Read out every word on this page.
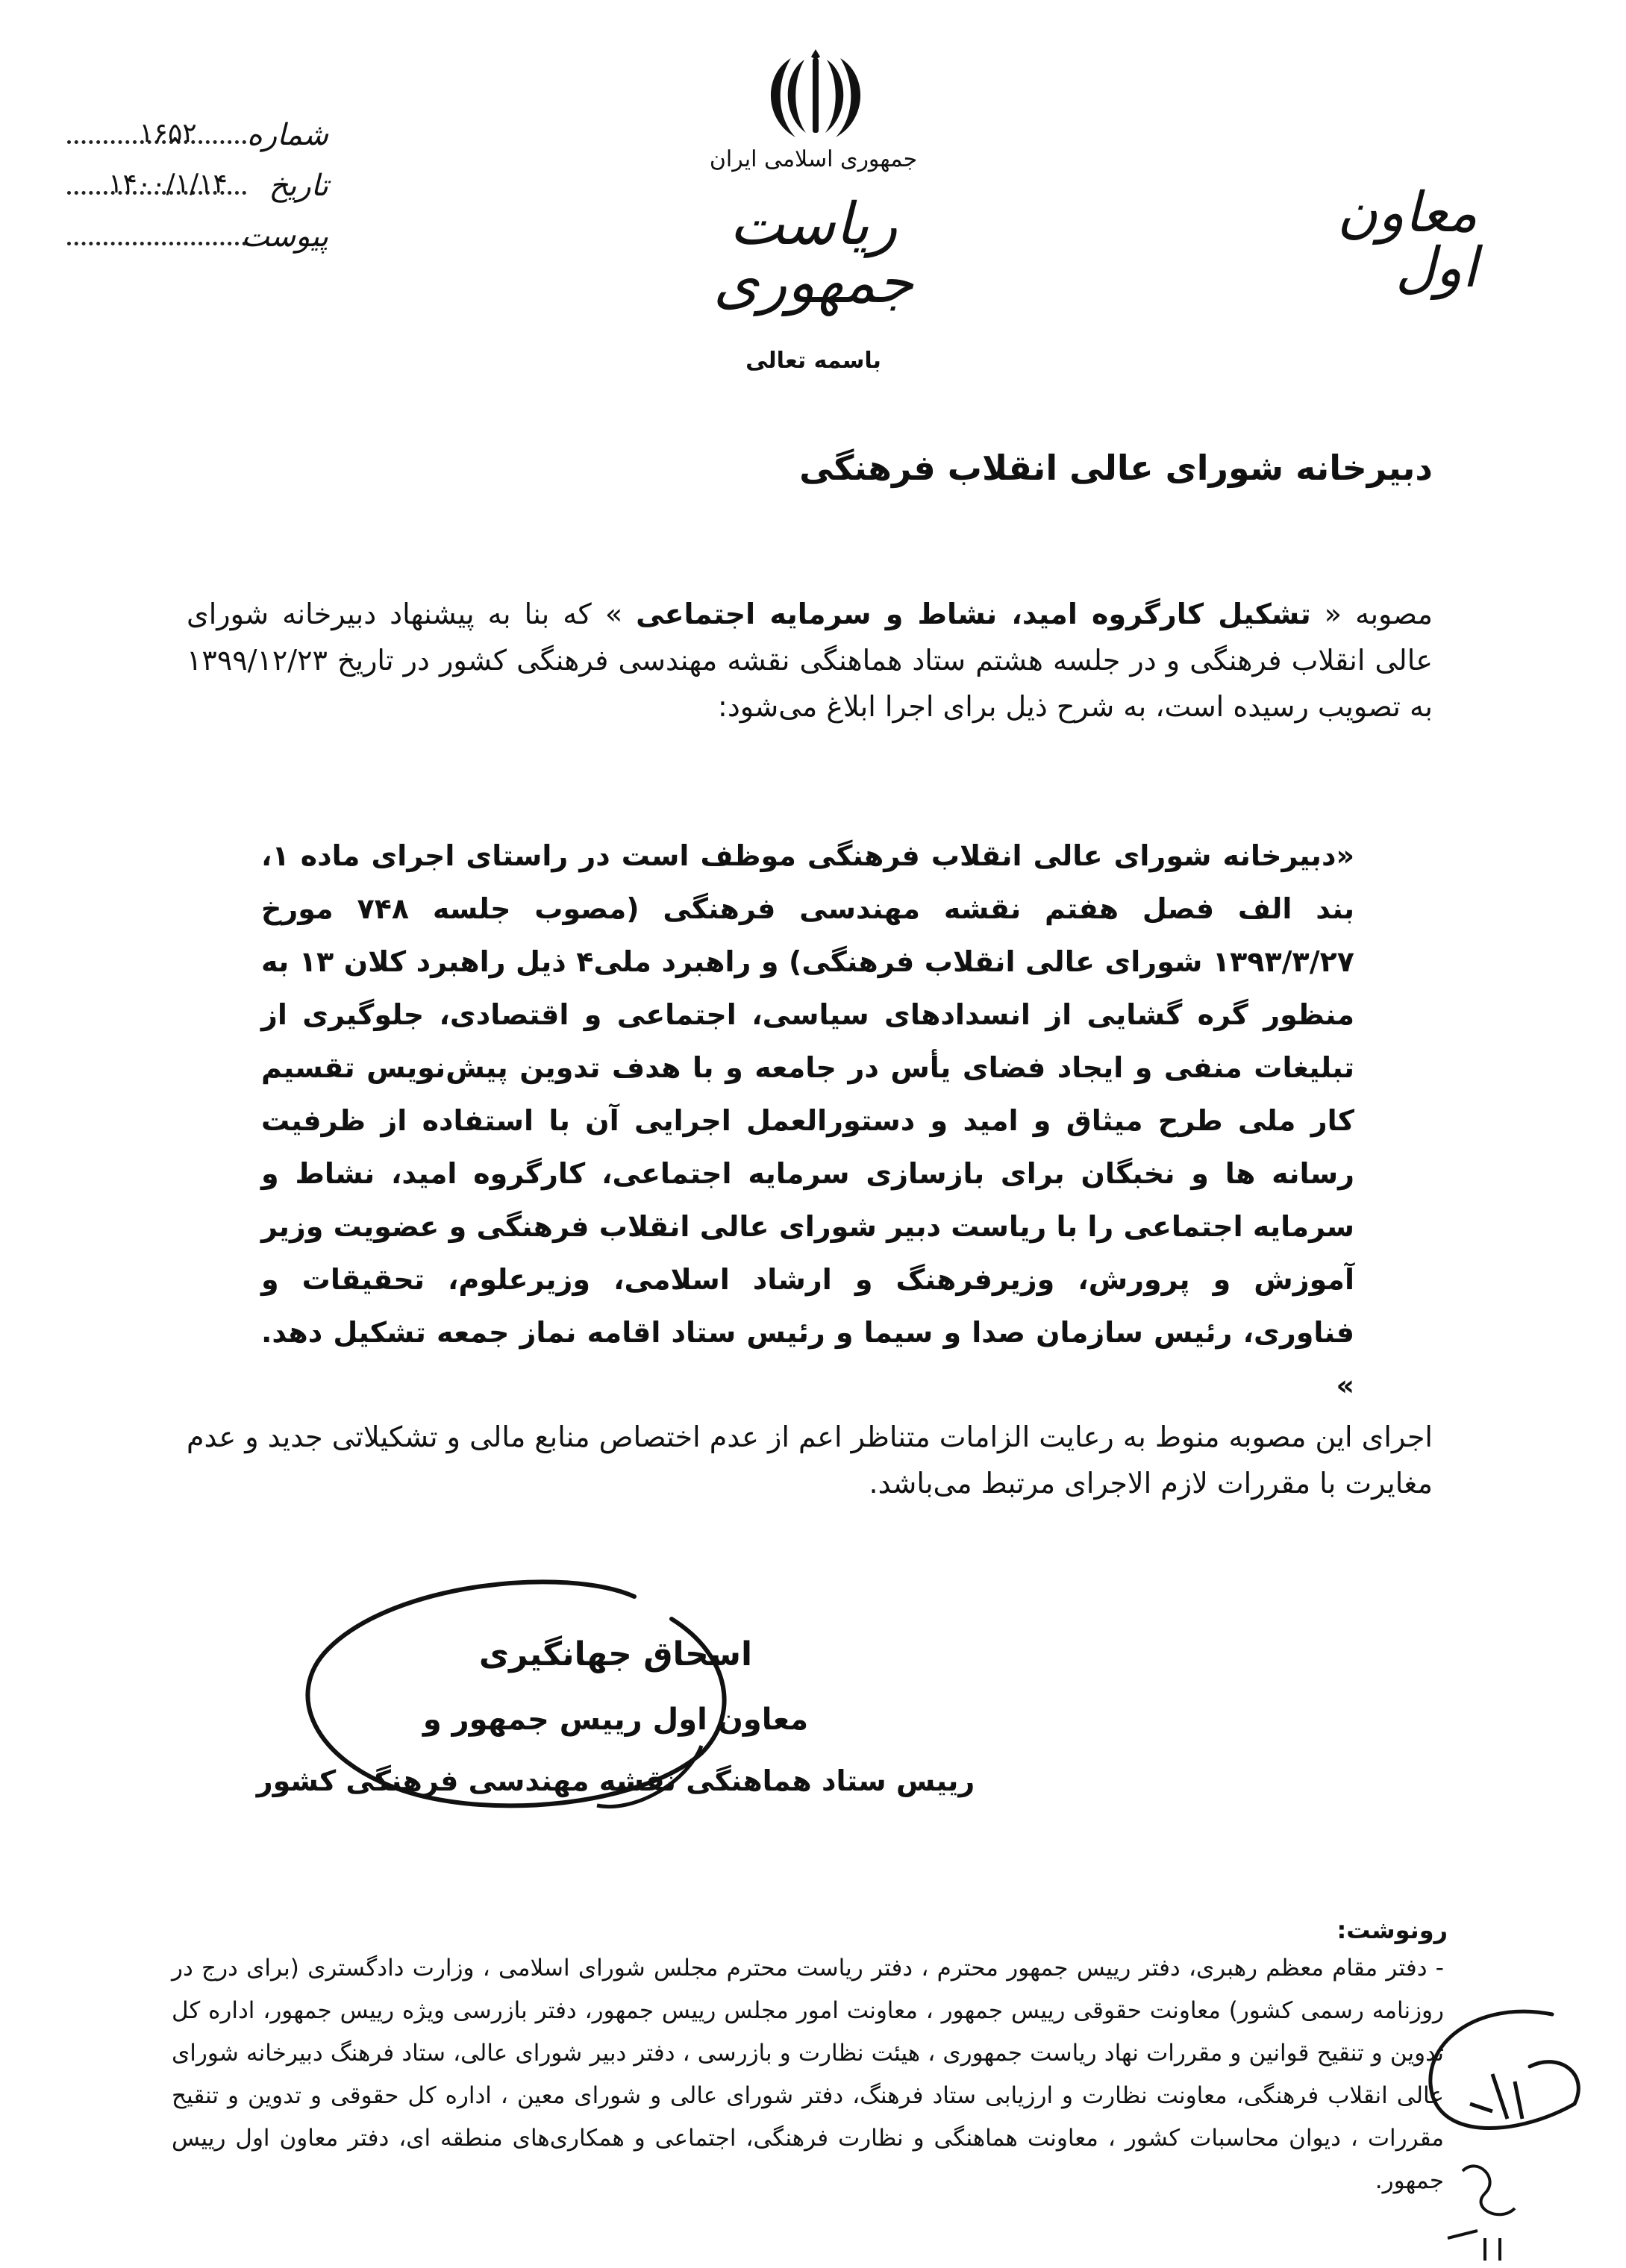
جمهوری اسلامی ایران
ریاست جمهوری
معاون اول
شماره
۱۶۵۲
تاریخ
۱۴۰۰/۱/۱۴
پیوست
باسمه تعالی
دبیرخانه شورای عالی انقلاب فرهنگی
مصوبه « تشکیل کارگروه امید، نشاط و سرمایه اجتماعی » که بنا به پیشنهاد دبیرخانه شورای عالی انقلاب فرهنگی و در جلسه هشتم ستاد هماهنگی نقشه مهندسی فرهنگی کشور در تاریخ ۱۳۹۹/۱۲/۲۳ به تصویب رسیده است، به شرح ذیل برای اجرا ابلاغ می‌شود:
«دبیرخانه شورای عالی انقلاب فرهنگی موظف است در راستای اجرای ماده ۱، بند الف فصل هفتم نقشه مهندسی فرهنگی (مصوب جلسه ۷۴۸ مورخ ۱۳۹۳/۳/۲۷ شورای عالی انقلاب فرهنگی) و راهبرد ملی۴ ذیل راهبرد کلان ۱۳ به منظور گره گشایی از انسدادهای سیاسی، اجتماعی و اقتصادی، جلوگیری از تبلیغات منفی و ایجاد فضای یأس در جامعه و با هدف تدوین پیش‌نویس تقسیم کار ملی طرح میثاق و امید و دستورالعمل اجرایی آن با استفاده از ظرفیت رسانه ها و نخبگان برای بازسازی سرمایه اجتماعی، کارگروه امید، نشاط و سرمایه اجتماعی را با ریاست دبیر شورای عالی انقلاب فرهنگی و عضویت وزیر آموزش و پرورش، وزیرفرهنگ و ارشاد اسلامی، وزیرعلوم، تحقیقات و فناوری، رئیس سازمان صدا و سیما و رئیس ستاد اقامه نماز جمعه تشکیل دهد. »
اجرای این مصوبه منوط به رعایت الزامات متناظر اعم از عدم اختصاص منابع مالی و تشکیلاتی جدید و عدم مغایرت با مقررات لازم الاجرای مرتبط می‌باشد.
اسحاق جهانگیری
معاون اول رییس جمهور و
رییس ستاد هماهنگی نقشه مهندسی فرهنگی کشور
رونوشت:
- دفتر مقام معظم رهبری، دفتر رییس جمهور محترم ، دفتر ریاست محترم مجلس شورای اسلامی ، وزارت دادگستری (برای درج در روزنامه رسمی کشور) معاونت حقوقی رییس جمهور ، معاونت امور مجلس رییس جمهور، دفتر بازرسی ویژه رییس جمهور، اداره کل تدوین و تنقیح قوانین و مقررات نهاد ریاست جمهوری ، هیئت نظارت و بازرسی ، دفتر دبیر شورای عالی، ستاد فرهنگ دبیرخانه شورای عالی انقلاب فرهنگی، معاونت نظارت و ارزیابی ستاد فرهنگ، دفتر شورای عالی و شورای معین ، اداره کل حقوقی و تدوین و تنقیح مقررات ، دیوان محاسبات کشور ، معاونت هماهنگی و نظارت فرهنگی، اجتماعی و همکاری‌های منطقه ای، دفتر معاون اول رییس جمهور.
